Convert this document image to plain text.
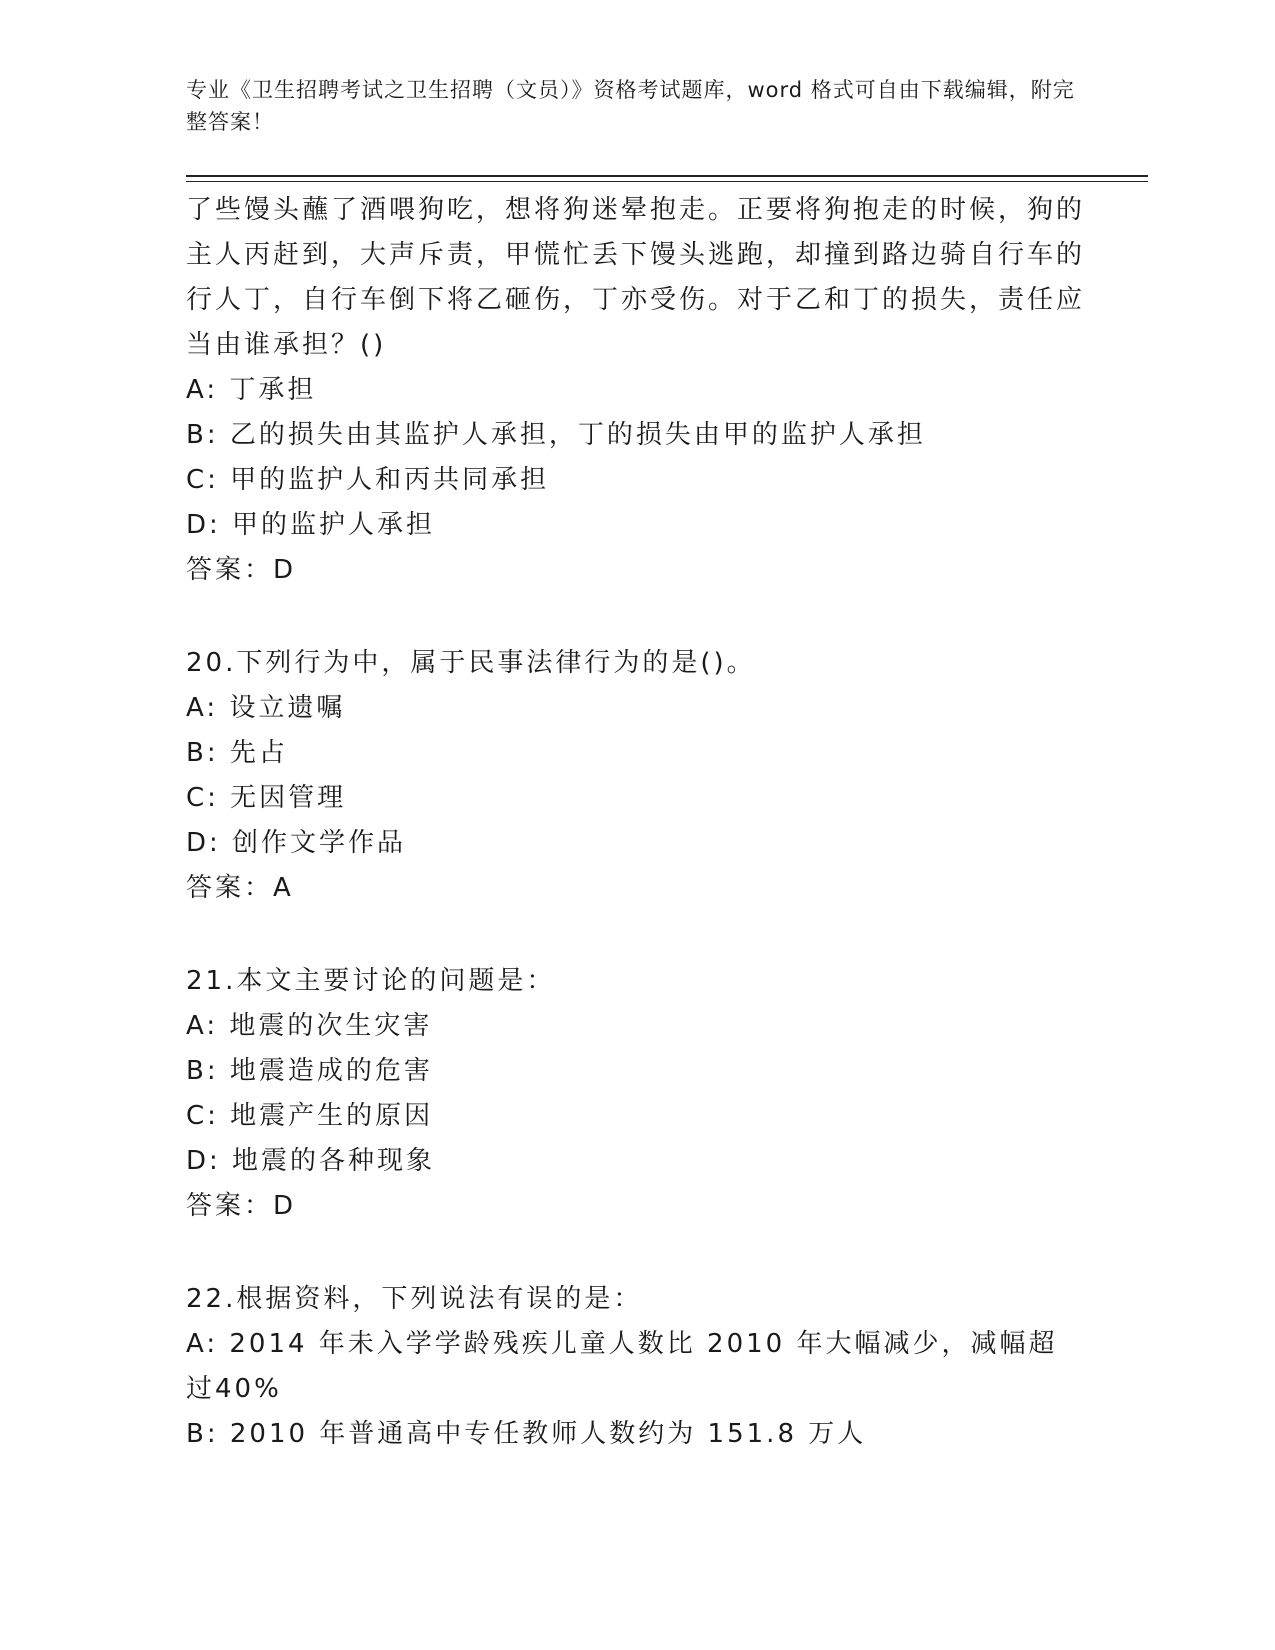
专业《卫生招聘考试之卫生招聘（文员）》资格考试题库，word 格式可自由下载编辑，附完整答案！

了些馒头蘸了酒喂狗吃，想将狗迷晕抱走。正要将狗抱走的时候，狗的主人丙赶到，大声斥责，甲慌忙丢下馒头逃跑，却撞到路边骑自行车的行人丁，自行车倒下将乙砸伤，丁亦受伤。对于乙和丁的损失，责任应当由谁承担？()

A: 丁承担
B: 乙的损失由其监护人承担，丁的损失由甲的监护人承担
C: 甲的监护人和丙共同承担
D: 甲的监护人承担
答案：D
20.下列行为中，属于民事法律行为的是()。
A: 设立遗嘱
B: 先占
C: 无因管理
D: 创作文学作品
答案：A
21.本文主要讨论的问题是：
A: 地震的次生灾害
B: 地震造成的危害
C: 地震产生的原因
D: 地震的各种现象
答案：D
22.根据资料，下列说法有误的是：
A: 2014 年未入学学龄残疾儿童人数比 2010 年大幅减少，减幅超过40%
B: 2010 年普通高中专任教师人数约为 151.8 万人
